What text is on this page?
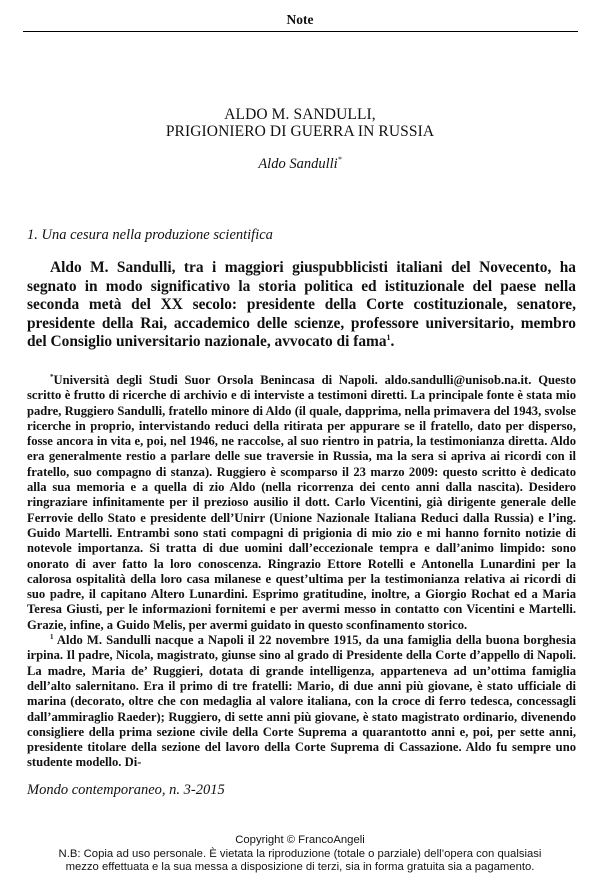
Note
ALDO M. SANDULLI,
PRIGIONIERO DI GUERRA IN RUSSIA
Aldo Sandulli*
1. Una cesura nella produzione scientifica
Aldo M. Sandulli, tra i maggiori giuspubblicisti italiani del Novecento, ha segnato in modo significativo la storia politica ed istituzionale del paese nella seconda metà del XX secolo: presidente della Corte costituzionale, senatore, presidente della Rai, accademico delle scienze, professore universitario, membro del Consiglio universitario nazionale, avvocato di fama$^1$.

*Università degli Studi Suor Orsola Benincasa di Napoli. aldo.sandulli@unisob.na.it. Questo scritto è frutto di ricerche di archivio e di interviste a testimoni diretti. La principale fonte è stata mio padre, Ruggiero Sandulli, fratello minore di Aldo (il quale, dapprima, nella primavera del 1943, svolse ricerche in proprio, intervistando reduci della ritirata per appurare se il fratello, dato per disperso, fosse ancora in vita e, poi, nel 1946, ne raccolse, al suo rientro in patria, la testimonianza diretta. Aldo era generalmente restio a parlare delle sue traversie in Russia, ma la sera si apriva ai ricordi con il fratello, suo compagno di stanza). Ruggiero è scomparso il 23 marzo 2009: questo scritto è dedicato alla sua memoria e a quella di zio Aldo (nella ricorrenza dei cento anni dalla nascita). Desidero ringraziare infinitamente per il prezioso ausilio il dott. Carlo Vicentini, già dirigente generale delle Ferrovie dello Stato e presidente dell’Unirr (Unione Nazionale Italiana Reduci dalla Russia) e l’ing. Guido Martelli. Entrambi sono stati compagni di prigionia di mio zio e mi hanno fornito notizie di notevole importanza. Si tratta di due uomini dall’eccezionale tempra e dall’animo limpido: sono onorato di aver fatto la loro conoscenza. Ringrazio Ettore Rotelli e Antonella Lunardini per la calorosa ospitalità della loro casa milanese e quest’ultima per la testimonianza relativa ai ricordi di suo padre, il capitano Altero Lunardini. Esprimo gratitudine, inoltre, a Giorgio Rochat ed a Maria Teresa Giusti, per le informazioni fornitemi e per avermi messo in contatto con Vicentini e Martelli. Grazie, infine, a Guido Melis, per avermi guidato in questo sconfinamento storico.

$^1$ Aldo M. Sandulli nacque a Napoli il 22 novembre 1915, da una famiglia della buona borghesia irpina. Il padre, Nicola, magistrato, giunse sino al grado di Presidente della Corte d’appello di Napoli. La madre, Maria de’ Ruggieri, dotata di grande intelligenza, apparteneva ad un’ottima famiglia dell’alto salernitano. Era il primo di tre fratelli: Mario, di due anni più giovane, è stato ufficiale di marina (decorato, oltre che con medaglia al valore italiana, con la croce di ferro tedesca, concessagli dall’ammiraglio Raeder); Ruggiero, di sette anni più giovane, è stato magistrato ordinario, divenendo consigliere della prima sezione civile della Corte Suprema a quarantotto anni e, poi, per sette anni, presidente titolare della sezione del lavoro della Corte Suprema di Cassazione. Aldo fu sempre uno studente modello. Di-

Mondo contemporaneo, n. 3-2015
Copyright © FrancoAngeli
N.B: Copia ad uso personale. È vietata la riproduzione (totale o parziale) dell’opera con qualsiasi
mezzo effettuata e la sua messa a disposizione di terzi, sia in forma gratuita sia a pagamento.
